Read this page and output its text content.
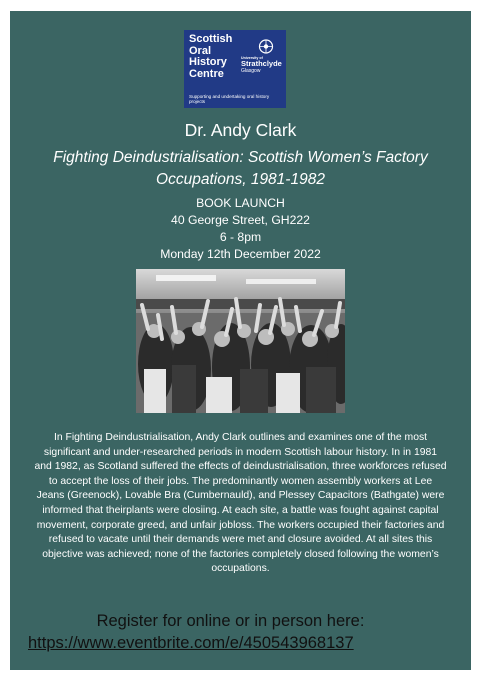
Scottish
Oral
History
Centre
University of
Strathclyde
Glasgow
Supporting and undertaking oral history projects
Dr. Andy Clark
Fighting Deindustrialisation: Scottish Women’s Factory Occupations, 1981-1982
BOOK LAUNCH
40 George Street, GH222
6 - 8pm
Monday 12th December 2022
In Fighting Deindustrialisation, Andy Clark outlines and examines one of the most significant and under-researched periods in modern Scottish labour history. In in 1981 and 1982, as Scotland suffered the effects of deindustrialisation, three workforces refused to accept the loss of their jobs. The predominantly women assembly workers at Lee Jeans (Greenock), Lovable Bra (Cumbernauld), and Plessey Capacitors (Bathgate) were informed that theirplants were closiing. At each site, a battle was fought against capital movement, corporate greed, and unfair jobloss. The workers occupied their factories and refused to vacate until their demands were met and closure avoided. At all sites this objective was achieved; none of the factories completely closed following the women’s occupations.
Register for online or in person here:
https://www.eventbrite.com/e/450543968137
